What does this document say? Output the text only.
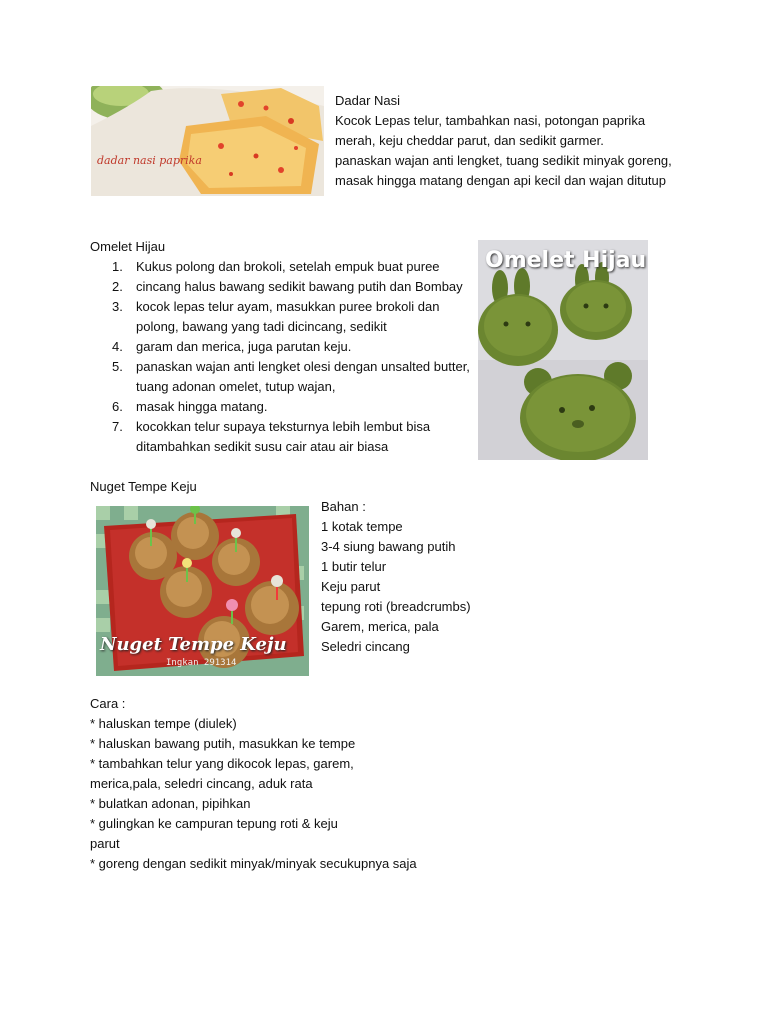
dadar nasi paprika
Dadar Nasi
Kocok Lepas telur, tambahkan nasi, potongan paprika
merah, keju cheddar parut, dan sedikit garmer.
panaskan wajan anti lengket, tuang sedikit minyak goreng,
masak hingga matang dengan api kecil dan wajan ditutup
Omelet Hijau
1. Kukus polong dan brokoli, setelah empuk buat puree
2. cincang halus bawang sedikit bawang putih dan Bombay
3. kocok lepas telur ayam, masukkan puree brokoli dan
polong, bawang yang tadi dicincang, sedikit
4. garam dan merica, juga parutan keju.
5. panaskan wajan anti lengket olesi dengan unsalted butter,
tuang adonan omelet, tutup wajan,
6. masak hingga matang.
7. kocokkan telur supaya teksturnya lebih lembut bisa
ditambahkan sedikit susu cair atau air biasa
Omelet Hijau
Nuget Tempe Keju
Nuget Tempe Keju
Ingkan 291314
Bahan :
1 kotak tempe
3-4 siung bawang putih
1 butir telur
Keju parut
tepung roti (breadcrumbs)
Garem, merica, pala
Seledri cincang
Cara :
* haluskan tempe (diulek)
* haluskan bawang putih, masukkan ke tempe
* tambahkan telur yang dikocok lepas, garem,
merica,pala, seledri cincang, aduk rata
* bulatkan adonan, pipihkan
* gulingkan ke campuran tepung roti & keju
parut
* goreng dengan sedikit minyak/minyak secukupnya saja
